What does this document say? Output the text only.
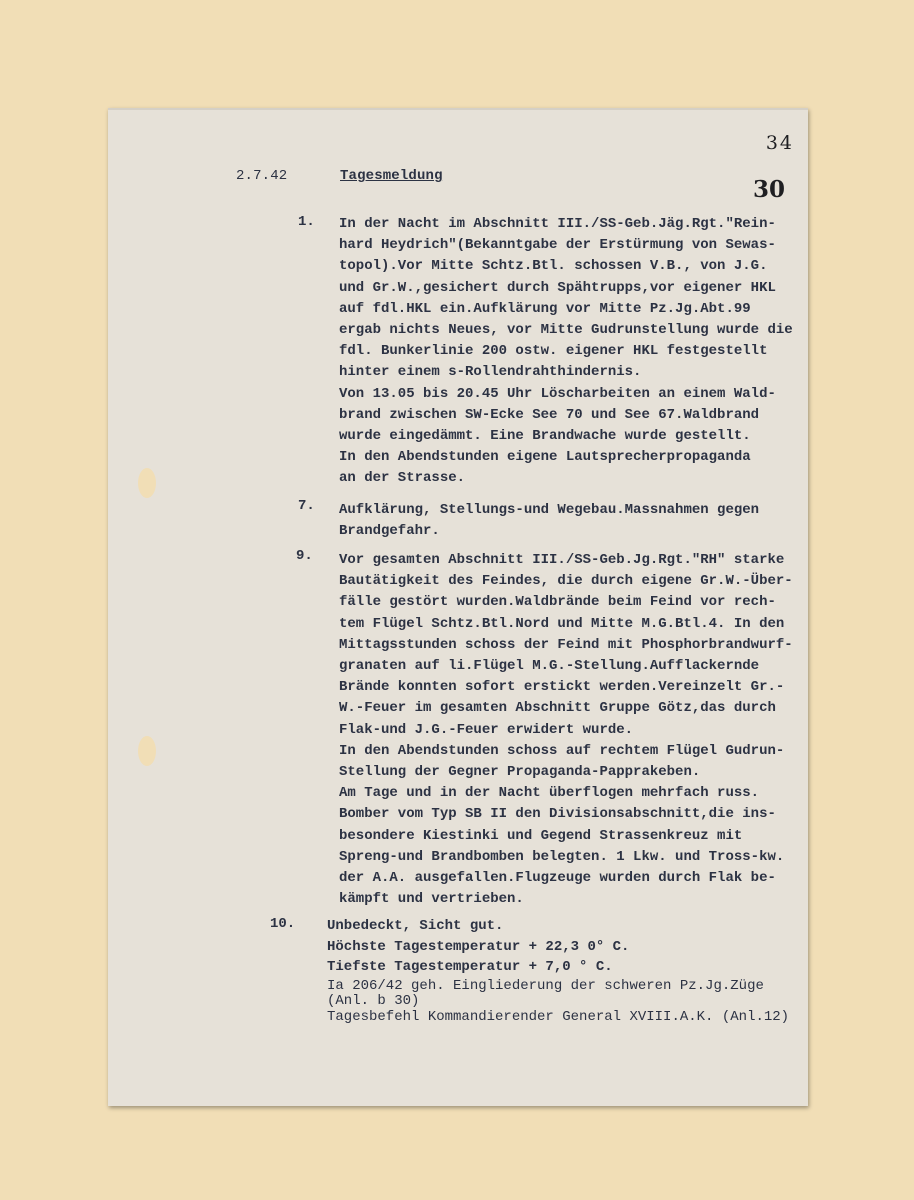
34
30
2.7.42	Tagesmeldung
1. In der Nacht im Abschnitt III./SS-Geb.Jäg.Rgt."Rein-
hard Heydrich"(Bekanntgabe der Erstürmung von Sewas-
topol).Vor Mitte Schtz.Btl. schossen V.B., von J.G.
und Gr.W.,gesichert durch Spähtrupps,vor eigener HKL
auf fdl.HKL ein.Aufklärung vor Mitte Pz.Jg.Abt.99
ergab nichts Neues, vor Mitte Gudrunstellung wurde die
fdl. Bunkerlinie 200 ostw. eigener HKL festgestellt
hinter einem s-Rollendrahthindernis.
Von 13.05 bis 20.45 Uhr Löscharbeiten an einem Wald-
brand zwischen SW-Ecke See 70 und See 67.Waldbrand
wurde eingedämmt. Eine Brandwache wurde gestellt.
In den Abendstunden eigene Lautsprecherpropaganda
an der Strasse.
7. Aufklärung, Stellungs-und Wegebau.Massnahmen gegen
Brandgefahr.
9. Vor gesamten Abschnitt III./SS-Geb.Jg.Rgt."RH" starke
Bautätigkeit des Feindes, die durch eigene Gr.W.-Über-
fälle gestört wurden.Waldbrände beim Feind vor rech-
tem Flügel Schtz.Btl.Nord und Mitte M.G.Btl.4. In den
Mittagsstunden schoss der Feind mit Phosphorbrandwurf-
granaten auf li.Flügel M.G.-Stellung.Aufflackernde
Brände konnten sofort erstickt werden.Vereinzelt Gr.-
W.-Feuer im gesamten Abschnitt Gruppe Götz,das durch
Flak-und J.G.-Feuer erwidert wurde.
In den Abendstunden schoss auf rechtem Flügel Gudrun-
Stellung der Gegner Propaganda-Papprakeben.
Am Tage und in der Nacht überflogen mehrfach russ.
Bomber vom Typ SB II den Divisionsabschnitt,die ins-
besondere Kiestinki und Gegend Strassenkreuz mit
Spreng-und Brandbomben belegten. 1 Lkw. und Tross-kw.
der A.A. ausgefallen.Flugzeuge wurden durch Flak be-
kämpft und vertrieben.
10. Unbedeckt, Sicht gut.
Höchste Tagestemperatur + 22,3 0° C.
Tiefste Tagestemperatur + 7,0 ° C.
Ia 206/42 geh. Eingliederung der schweren Pz.Jg.Züge
(Anl. b 30)
Tagesbefehl Kommandierender General XVIII.A.K. (Anl.12)
